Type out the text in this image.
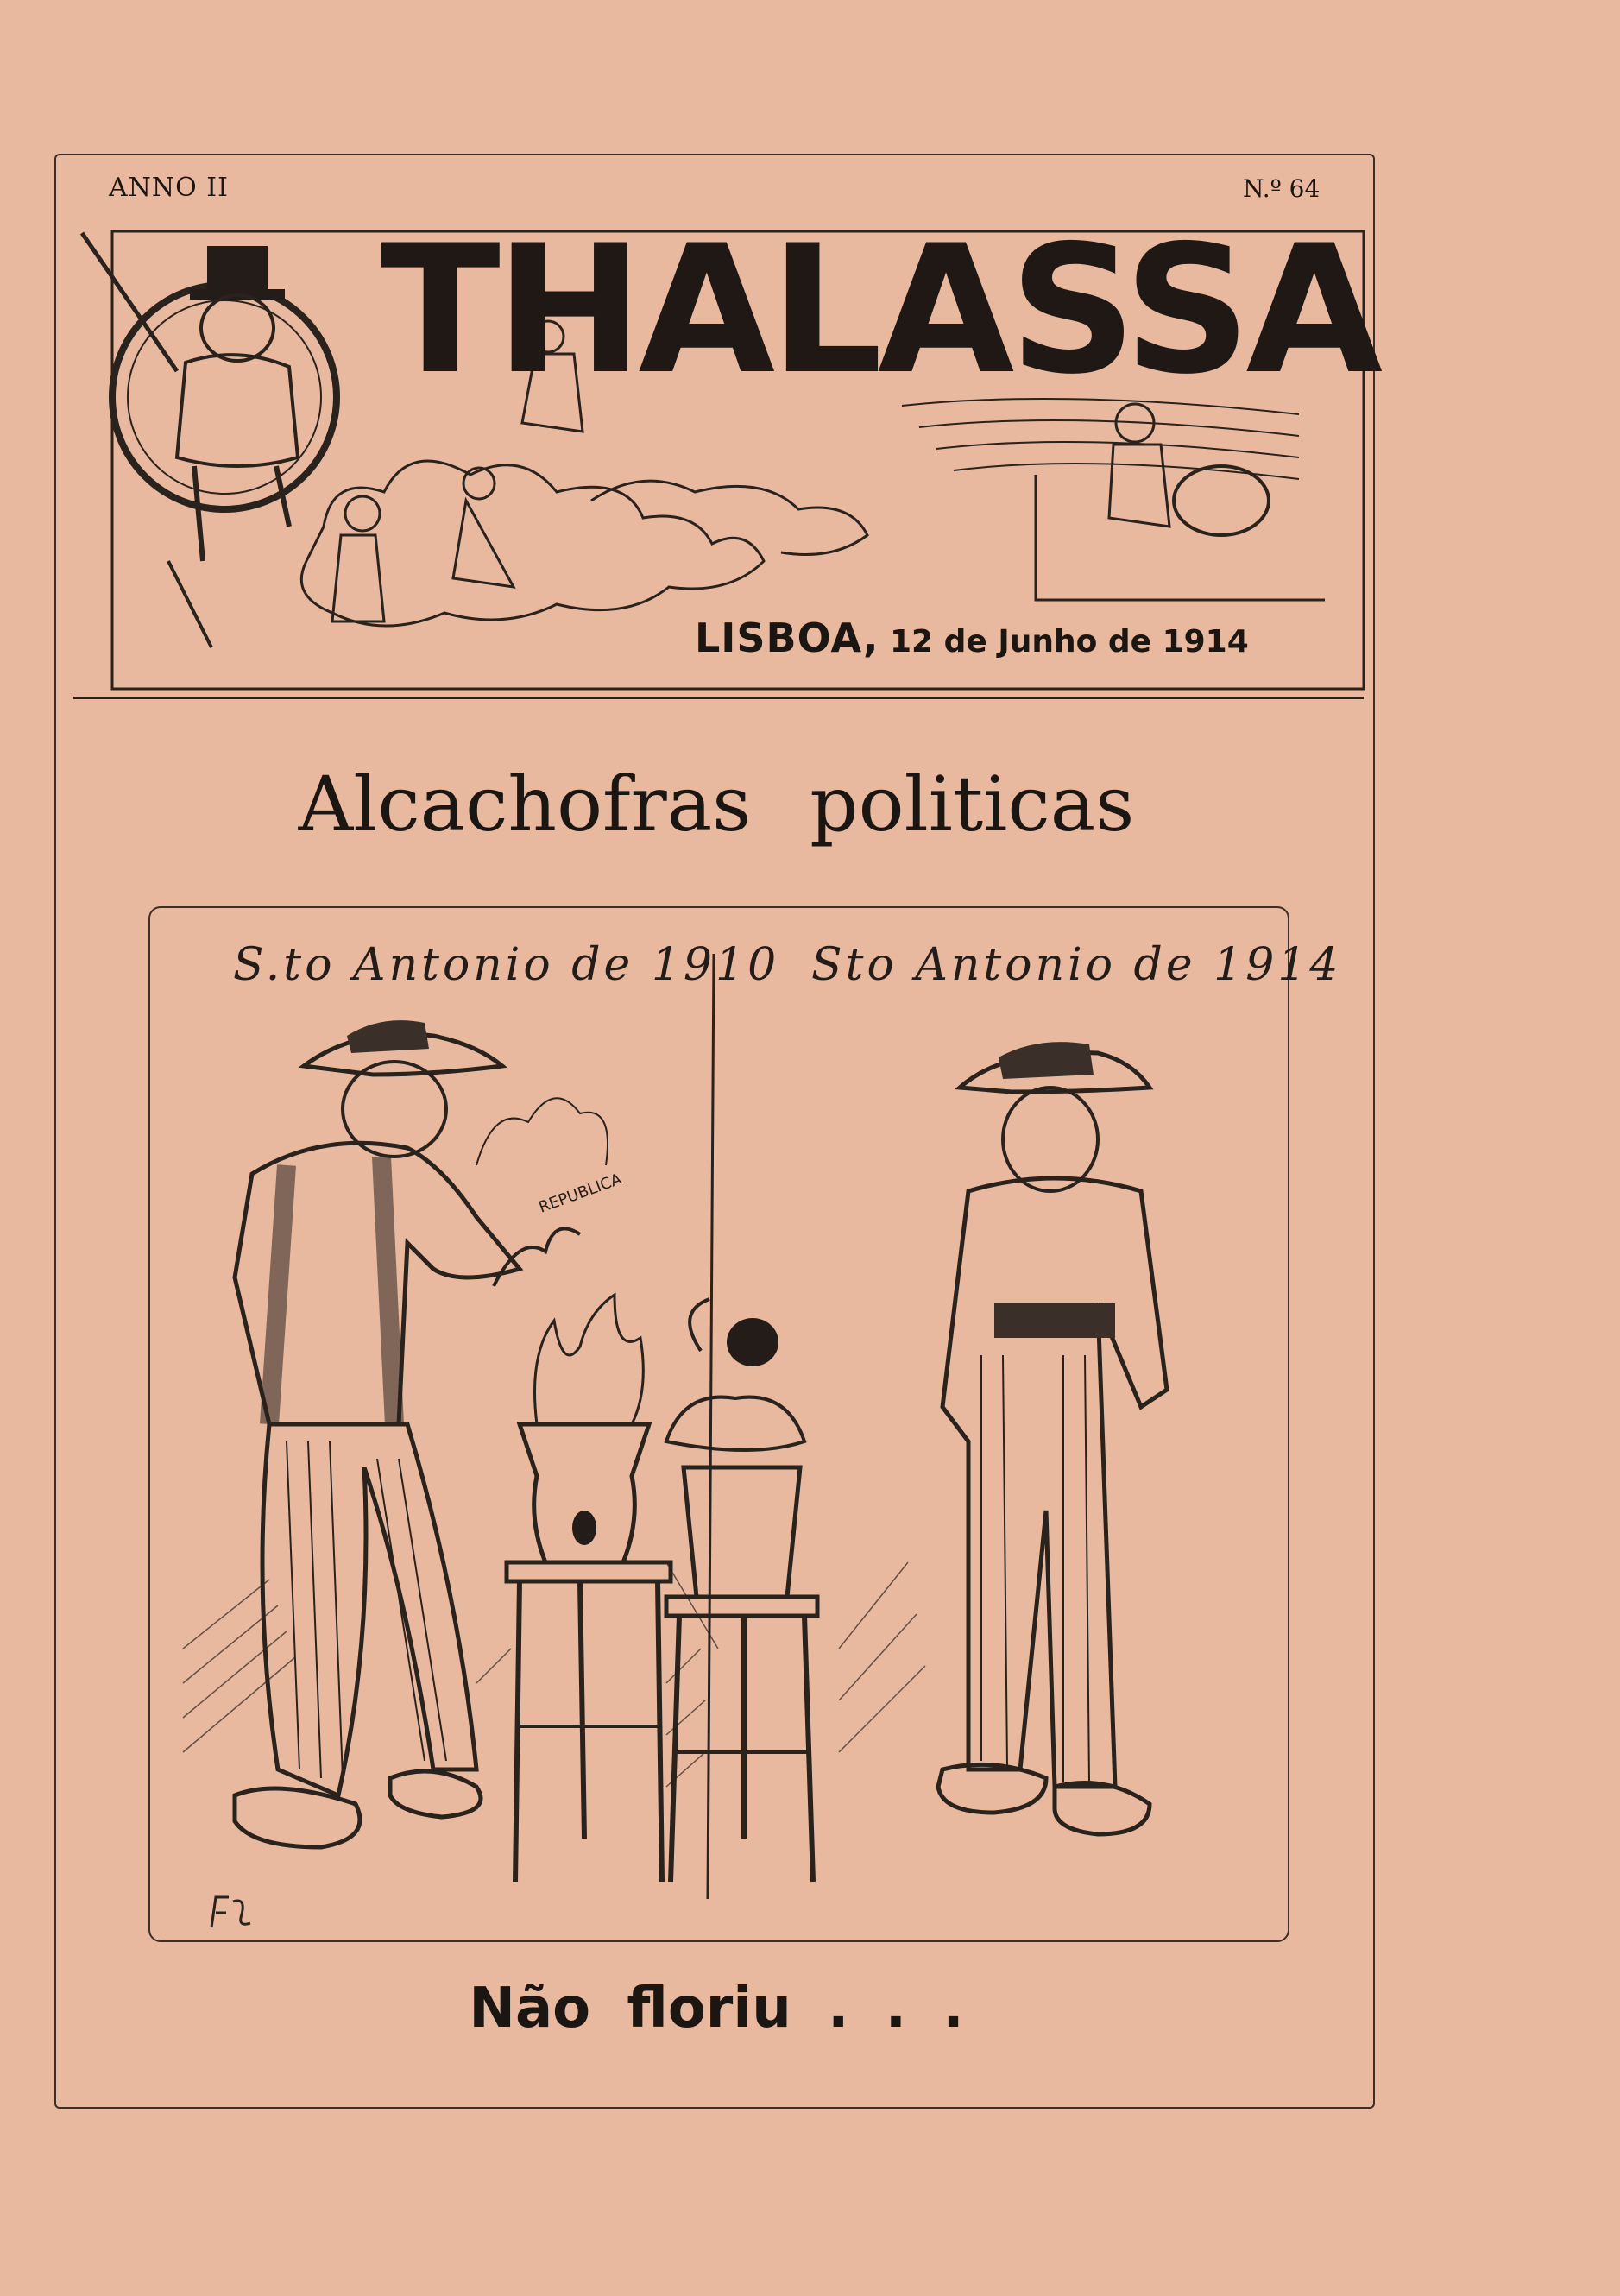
ANNO II	N.º 64
THALASSA
LISBOA, 12 de Junho de 1914
Alcachofras politicas
REPUBLICA
S.to Antonio de 1910 Sto Antonio de 1914
Não floriu . . .
